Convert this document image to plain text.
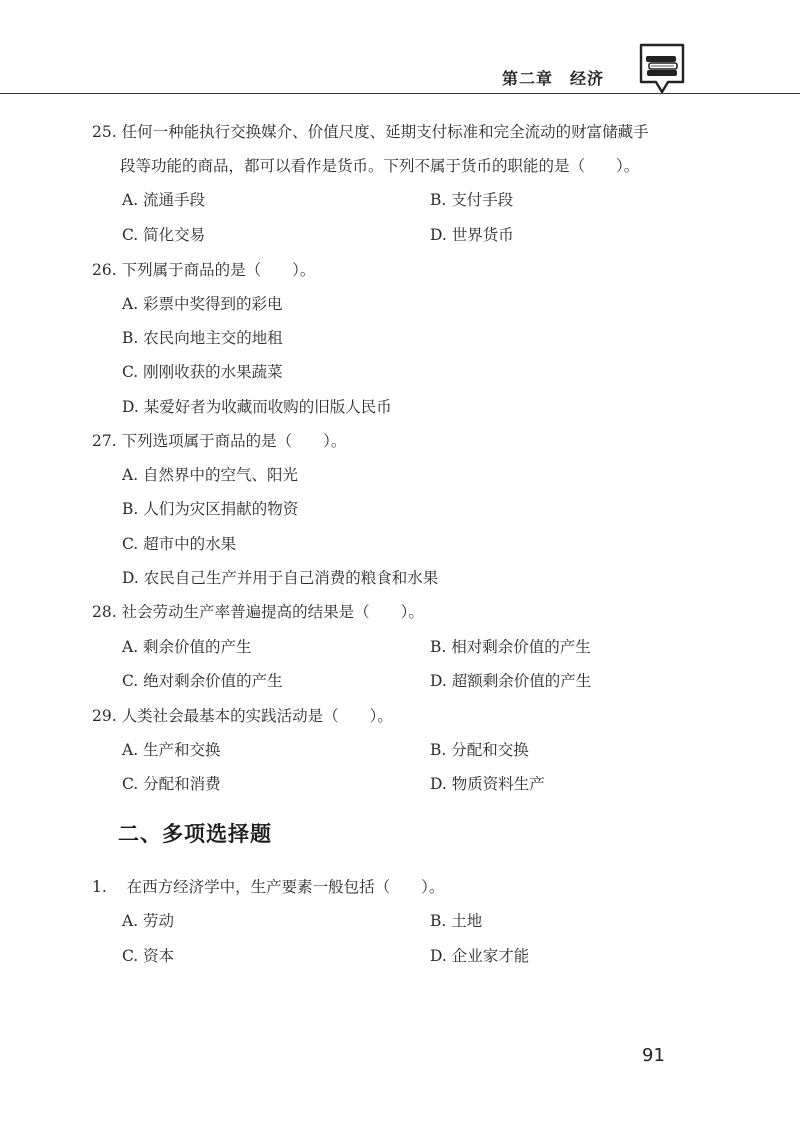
第二章　经济
25. 任何一种能执行交换媒介、价值尺度、延期支付标准和完全流动的财富储藏手
段等功能的商品，都可以看作是货币。下列不属于货币的职能的是（　　）。
A. 流通手段	B. 支付手段
C. 简化交易	D. 世界货币
26. 下列属于商品的是（　　）。
A. 彩票中奖得到的彩电
B. 农民向地主交的地租
C. 刚刚收获的水果蔬菜
D. 某爱好者为收藏而收购的旧版人民币
27. 下列选项属于商品的是（　　）。
A. 自然界中的空气、阳光
B. 人们为灾区捐献的物资
C. 超市中的水果
D. 农民自己生产并用于自己消费的粮食和水果
28. 社会劳动生产率普遍提高的结果是（　　）。
A. 剩余价值的产生	B. 相对剩余价值的产生
C. 绝对剩余价值的产生	D. 超额剩余价值的产生
29. 人类社会最基本的实践活动是（　　）。
A. 生产和交换	B. 分配和交换
C. 分配和消费	D. 物质资料生产
二、多项选择题
1. 在西方经济学中，生产要素一般包括（　　）。
A. 劳动	B. 土地
C. 资本	D. 企业家才能
91
